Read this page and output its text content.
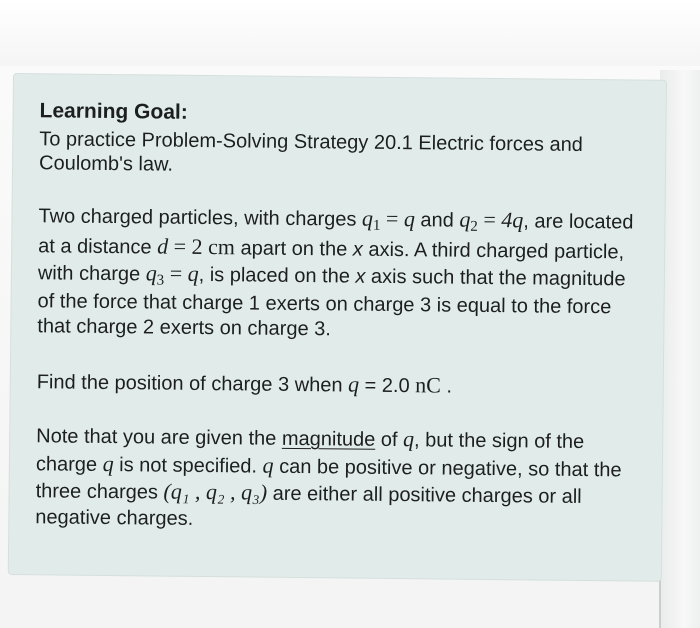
Learning Goal:

To practice Problem-Solving Strategy 20.1 Electric forces and Coulomb's law.

Two charged particles, with charges $q_1 = q$ and $q_2 = 4q$, are located at a distance d = 2 cm apart on the x axis. A third charged particle, with charge $q_3 = q$, is placed on the x axis such that the magnitude of the force that charge 1 exerts on charge 3 is equal to the force that charge 2 exerts on charge 3.

Find the position of charge 3 when q = 2.0 nC .

Note that you are given the magnitude of q, but the sign of the charge q is not specified. q can be positive or negative, so that the three charges (q₁ , q₂ , q₃) are either all positive charges or all negative charges.
